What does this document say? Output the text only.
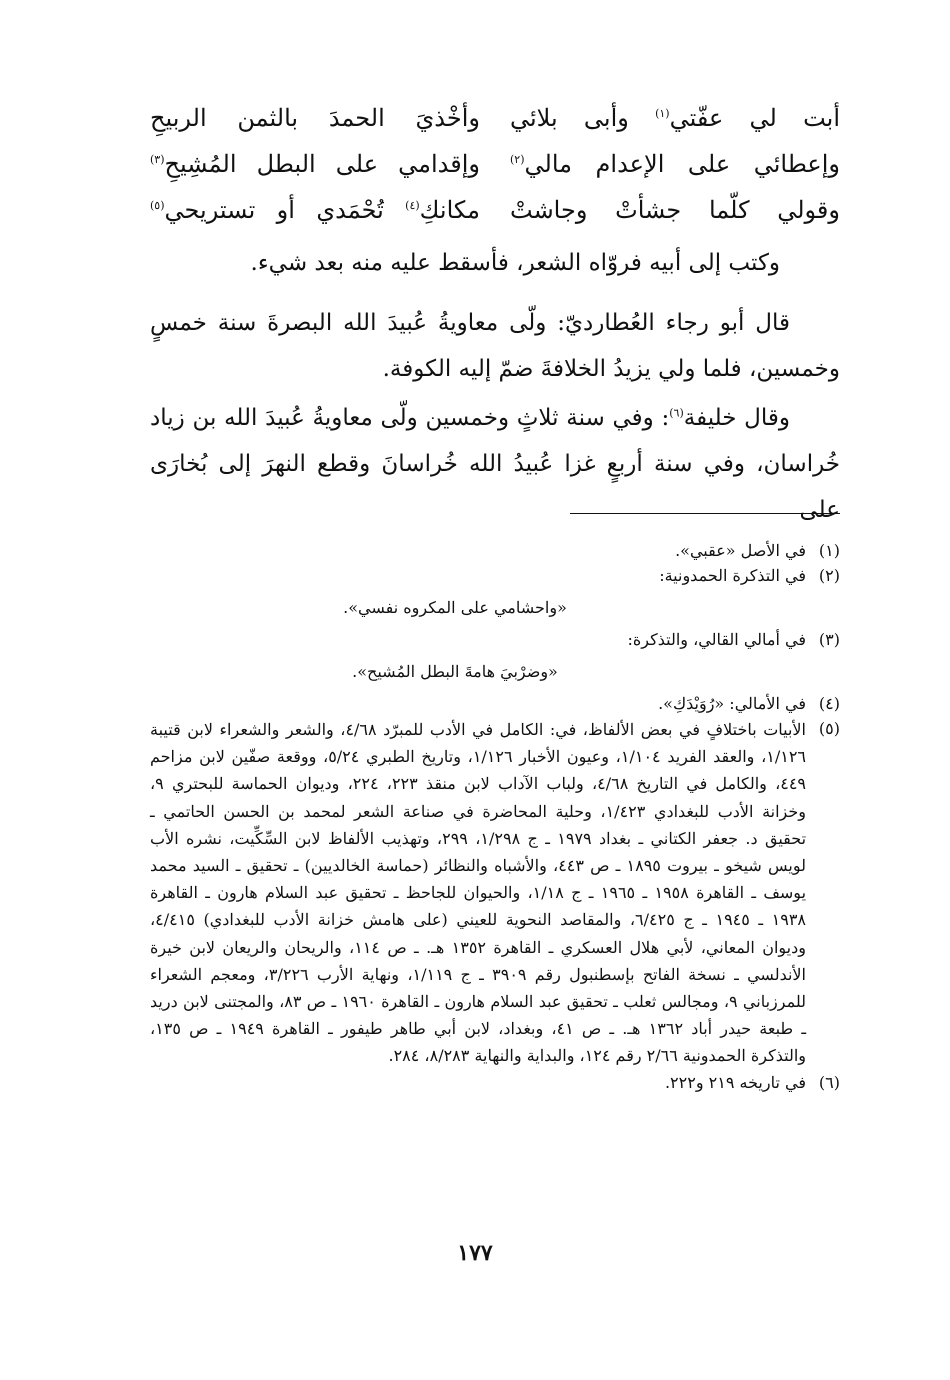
أبت لي عفّتي$^{(١)}$ وأبى بلائي
وأخْذيَ الحمدَ بالثمن الربيحِ
وإعطائي على الإعدام مالي$^{(٢)}$
وإقدامي على البطل المُشِيحِ$^{(٣)}$
وقولي كلّما جشأتْ وجاشتْ
مكانكِ$^{(٤)}$ تُحْمَدي أو تستريحي$^{(٥)}$

وكتب إلى أبيه فروّاه الشعر، فأسقط عليه منه بعد شيء.

قال أبو رجاء العُطارديّ: ولّى معاويةُ عُبيدَ الله البصرةَ سنة خمسٍ وخمسين، فلما ولي يزيدُ الخلافةَ ضمّ إليه الكوفة.

وقال خليفة$^{(٦)}$: وفي سنة ثلاثٍ وخمسين ولّى معاويةُ عُبيدَ الله بن زياد خُراسان، وفي سنة أربعٍ غزا عُبيدُ الله خُراسانَ وقطع النهرَ إلى بُخارَى على

(١)
في الأصل «عقبي».
(٢)
في التذكرة الحمدونية:
«واحشامي على المكروه نفسي».
(٣)
في أمالي القالي، والتذكرة:
«وضرْبيَ هامةَ البطل المُشيح».
(٤)
في الأمالي: «رُوَيْدَكِ».
(٥)
الأبيات باختلافٍ في بعض الألفاظ، في: الكامل في الأدب للمبرّد ٤/٦٨، والشعر والشعراء لابن قتيبة ١/١٢٦، والعقد الفريد ١/١٠٤، وعيون الأخبار ١/١٢٦، وتاريخ الطبري ٥/٢٤، ووقعة صفّين لابن مزاحم ٤٤٩، والكامل في التاريخ ٤/٦٨، ولباب الآداب لابن منقذ ٢٢٣، ٢٢٤، وديوان الحماسة للبحتري ٩، وخزانة الأدب للبغدادي ١/٤٢٣، وحلية المحاضرة في صناعة الشعر لمحمد بن الحسن الحاتمي ـ تحقيق د. جعفر الكتاني ـ بغداد ١٩٧٩ ـ ج ١/٢٩٨، ٢٩٩، وتهذيب الألفاظ لابن السِّكِّيت، نشره الأب لويس شيخو ـ بيروت ١٨٩٥ ـ ص ٤٤٣، والأشباه والنظائر (حماسة الخالديين) ـ تحقيق ـ السيد محمد يوسف ـ القاهرة ١٩٥٨ ـ ١٩٦٥ ـ ج ١/١٨، والحيوان للجاحظ ـ تحقيق عبد السلام هارون ـ القاهرة ١٩٣٨ ـ ١٩٤٥ ـ ج ٦/٤٢٥، والمقاصد النحوية للعيني (على هامش خزانة الأدب للبغدادي) ٤/٤١٥، وديوان المعاني، لأبي هلال العسكري ـ القاهرة ١٣٥٢ هـ. ـ ص ١١٤، والريحان والريعان لابن خيرة الأندلسي ـ نسخة الفاتح بإسطنبول رقم ٣٩٠٩ ـ ج ١/١١٩، ونهاية الأرب ٣/٢٢٦، ومعجم الشعراء للمرزباني ٩، ومجالس ثعلب ـ تحقيق عبد السلام هارون ـ القاهرة ١٩٦٠ ـ ص ٨٣، والمجتنى لابن دريد ـ طبعة حيدر أباد ١٣٦٢ هـ. ـ ص ٤١، وبغداد، لابن أبي طاهر طيفور ـ القاهرة ١٩٤٩ ـ ص ١٣٥، والتذكرة الحمدونية ٢/٦٦ رقم ١٢٤، والبداية والنهاية ٨/٢٨٣، ٢٨٤.
(٦)
في تاريخه ٢١٩ و٢٢٢.
١٧٧
